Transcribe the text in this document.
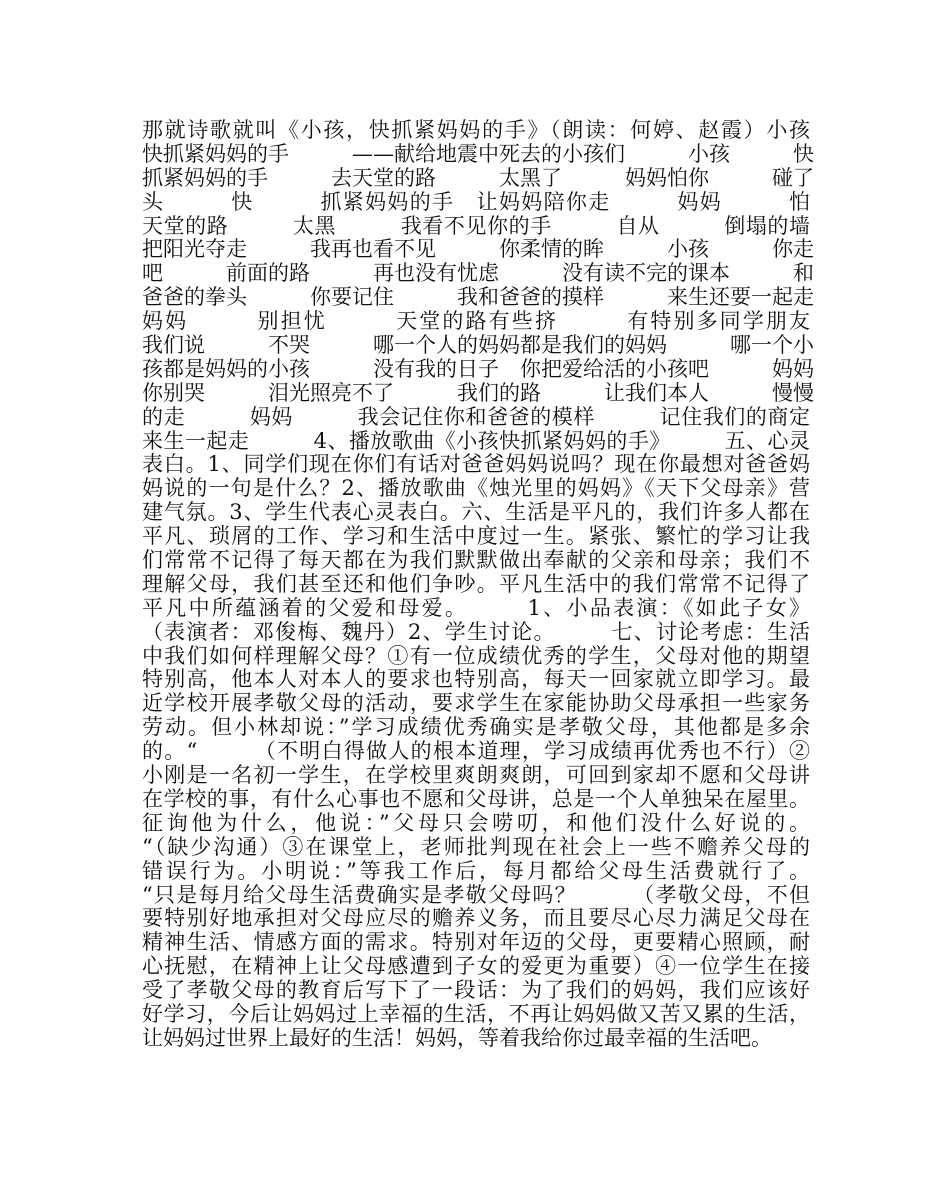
那就诗歌就叫《小孩，快抓紧妈妈的手》（朗读：何婷、赵霞）小孩
快抓紧妈妈的手　　　——献给地震中死去的小孩们　　　小孩　　　快
抓紧妈妈的手　　　去天堂的路　　　太黑了　　　妈妈怕你　　　碰了
头　　　快　　　抓紧妈妈的手　让妈妈陪你走　　　妈妈　　　怕
天堂的路　　　太黑　　　我看不见你的手　　　自从　　　倒塌的墙
把阳光夺走　　　我再也看不见　　　你柔情的眸　　　小孩　　　你走
吧　　　前面的路　　　再也没有忧虑　　　没有读不完的课本　　　和
爸爸的拳头　　　你要记住　　　我和爸爸的摸样　　　来生还要一起走
妈妈　　　别担忧　　　天堂的路有些挤　　　有特别多同学朋友
我们说　　　不哭　　　哪一个人的妈妈都是我们的妈妈　　　哪一个小
孩都是妈妈的小孩　　　没有我的日子　你把爱给活的小孩吧　　　妈妈
你别哭　　　泪光照亮不了　　　我们的路　　　让我们本人　　　慢慢
的走　　　妈妈　　　我会记住你和爸爸的模样　　　记住我们的商定
来生一起走　　　4、播放歌曲《小孩快抓紧妈妈的手》　　　五、心灵
表白。1、同学们现在你们有话对爸爸妈妈说吗？现在你最想对爸爸妈
妈说的一句是什么？2、播放歌曲《烛光里的妈妈》《天下父母亲》营
建气氛。3、学生代表心灵表白。六、生活是平凡的，我们许多人都在
平凡、琐屑的工作、学习和生活中度过一生。紧张、繁忙的学习让我
们常常不记得了每天都在为我们默默做出奉献的父亲和母亲；我们不
理解父母，我们甚至还和他们争吵。平凡生活中的我们常常不记得了
平凡中所蕴涵着的父爱和母爱。　　　1、小品表演：《如此子女》
（表演者：邓俊梅、魏丹）2、学生讨论。　　　七、讨论考虑：生活
中我们如何样理解父母？①有一位成绩优秀的学生，父母对他的期望
特别高，他本人对本人的要求也特别高，每天一回家就立即学习。最
近学校开展孝敬父母的活动，要求学生在家能协助父母承担一些家务
劳动。但小林却说：”学习成绩优秀确实是孝敬父母，其他都是多余
的。“　　　（不明白得做人的根本道理，学习成绩再优秀也不行）②
小刚是一名初一学生，在学校里爽朗爽朗，可回到家却不愿和父母讲
在学校的事，有什么心事也不愿和父母讲，总是一个人单独呆在屋里。
征询他为什么，他说：”父母只会唠叨，和他们没什么好说的。
“（缺少沟通）③在课堂上，老师批判现在社会上一些不赡养父母的
错误行为。小明说：”等我工作后，每月都给父母生活费就行了。
“只是每月给父母生活费确实是孝敬父母吗？　　　（孝敬父母，不但
要特别好地承担对父母应尽的赡养义务，而且要尽心尽力满足父母在
精神生活、情感方面的需求。特别对年迈的父母，更要精心照顾，耐
心抚慰，在精神上让父母感遭到子女的爱更为重要）④一位学生在接
受了孝敬父母的教育后写下了一段话：为了我们的妈妈，我们应该好
好学习，今后让妈妈过上幸福的生活，不再让妈妈做又苦又累的生活，
让妈妈过世界上最好的生活！妈妈，等着我给你过最幸福的生活吧。
